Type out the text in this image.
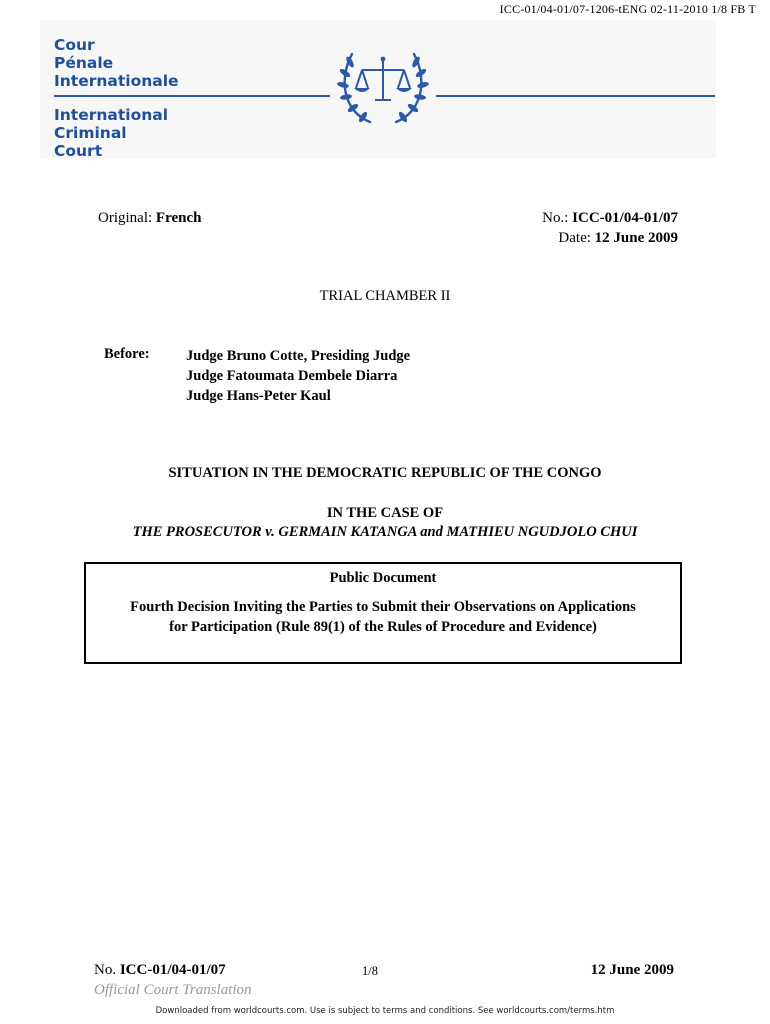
ICC-01/04-01/07-1206-tENG 02-11-2010 1/8 FB T
Cour
Pénale
Internationale
International
Criminal
Court
Original: French	No.: ICC-01/04-01/07
Date: 12 June 2009
TRIAL CHAMBER II
Before:	Judge Bruno Cotte, Presiding Judge
Judge Fatoumata Dembele Diarra
Judge Hans-Peter Kaul
SITUATION IN THE DEMOCRATIC REPUBLIC OF THE CONGO
IN THE CASE OF
THE PROSECUTOR v. GERMAIN KATANGA and MATHIEU NGUDJOLO CHUI
Public Document
Fourth Decision Inviting the Parties to Submit their Observations on Applications
for Participation (Rule 89(1) of the Rules of Procedure and Evidence)
No. ICC-01/04-01/07	1/8	12 June 2009
Official Court Translation
Downloaded from worldcourts.com. Use is subject to terms and conditions. See worldcourts.com/terms.htm
